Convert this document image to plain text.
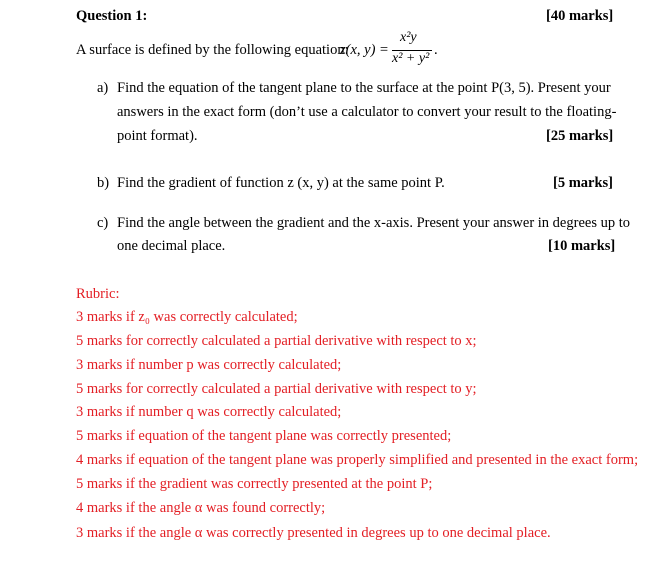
Question 1:	[40 marks]
A surface is defined by the following equation:
z(x, y) =
x²y
x² + y²
.
a) Find the equation of the tangent plane to the surface at the point P(3, 5). Present your
answers in the exact form (don’t use a calculator to convert your result to the floating-
point format).	[25 marks]
b) Find the gradient of function z (x, y) at the same point P.	[5 marks]
c) Find the angle between the gradient and the x-axis. Present your answer in degrees up to
one decimal place.	[10 marks]
Rubric:
3 marks if z₀ was correctly calculated;
5 marks for correctly calculated a partial derivative with respect to x;
3 marks if number p was correctly calculated;
5 marks for correctly calculated a partial derivative with respect to y;
3 marks if number q was correctly calculated;
5 marks if equation of the tangent plane was correctly presented;
4 marks if equation of the tangent plane was properly simplified and presented in the exact form;
5 marks if the gradient was correctly presented at the point P;
4 marks if the angle α was found correctly;
3 marks if the angle α was correctly presented in degrees up to one decimal place.
